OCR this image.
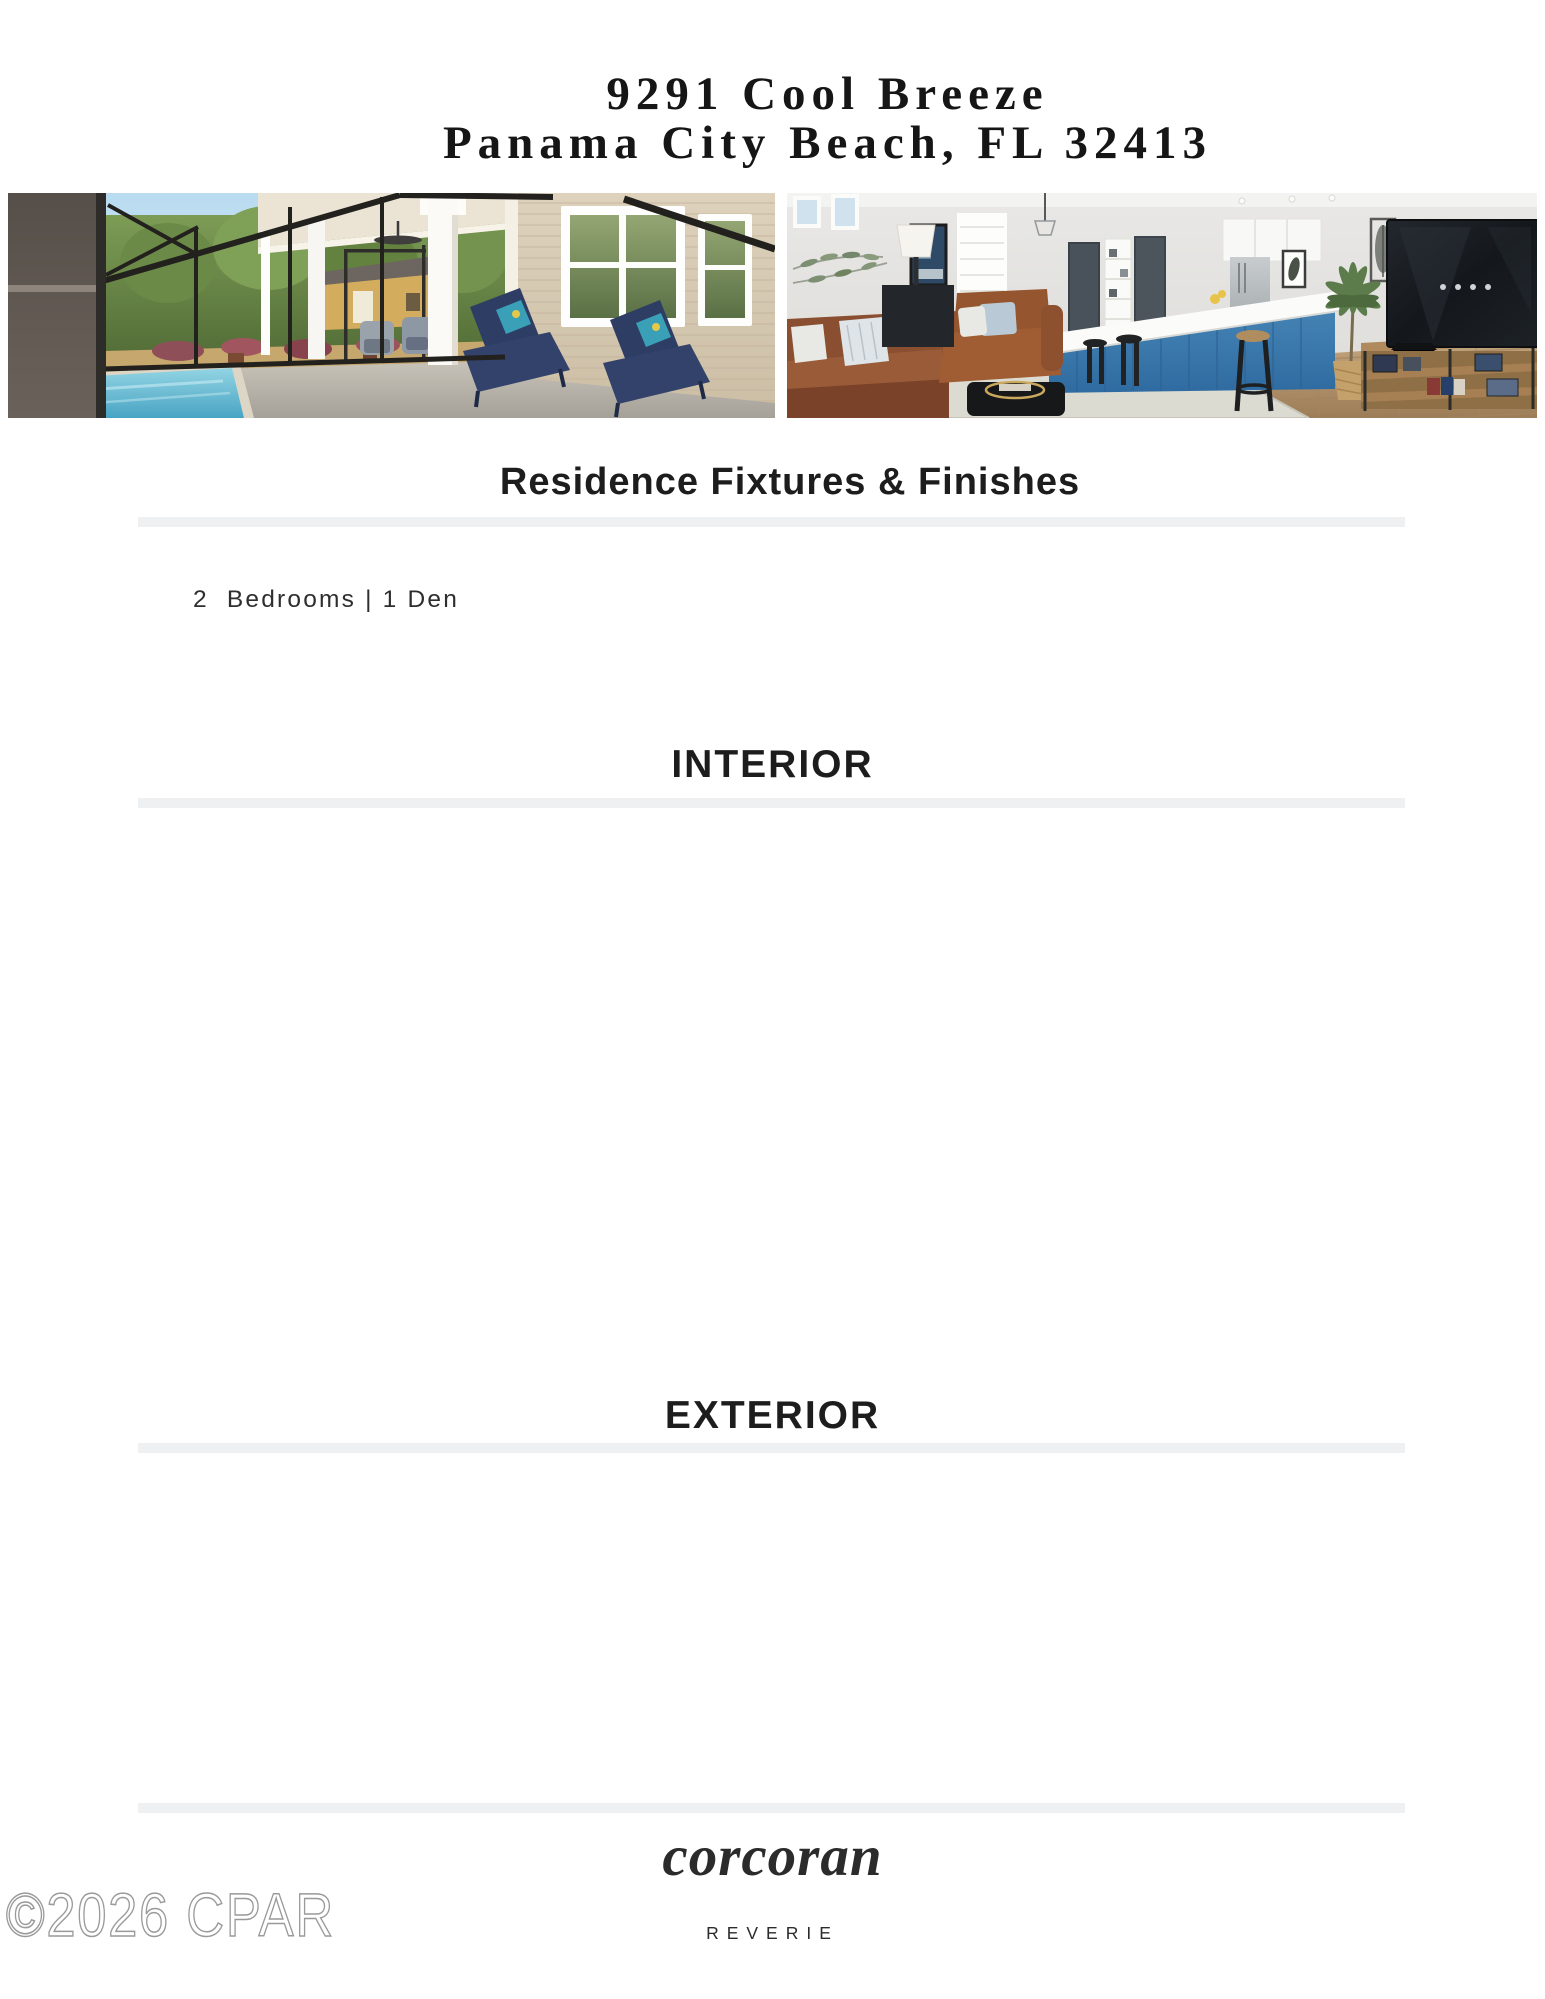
9291 Cool Breeze
Panama City Beach, FL 32413
Residence Fixtures & Finishes
2  Bedrooms | 1 Den
INTERIOR
EXTERIOR
corcoran
REVERIE
©2026 CPAR
